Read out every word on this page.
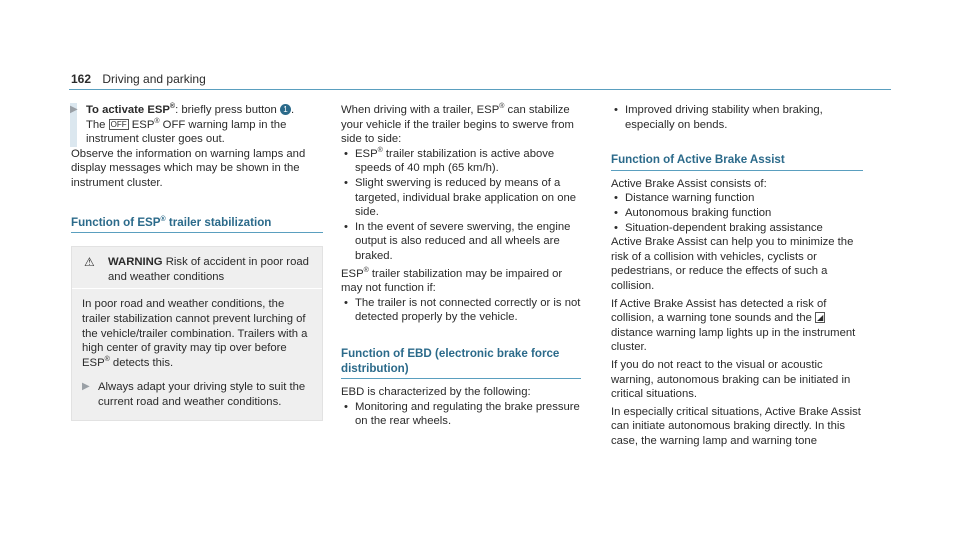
162 Driving and parking
▶ To activate ESP®: briefly press button 1 .

The OFF ESP® OFF warning lamp in the instrument cluster goes out.

Observe the information on warning lamps and display messages which may be shown in the instrument cluster.

Function of ESP® trailer stabilization
⚠	WARNING Risk of accident in poor road and weather conditions

In poor road and weather conditions, the trailer stabilization cannot prevent lurching of the vehicle/trailer combination. Trailers with a high center of gravity may tip over before ESP® detects this.

▶ Always adapt your driving style to suit the current road and weather conditions.

When driving with a trailer, ESP® can stabilize your vehicle if the trailer begins to swerve from side to side:

• ESP® trailer stabilization is active above speeds of 40 mph (65 km/h).
• Slight swerving is reduced by means of a targeted, individual brake application on one side.
• In the event of severe swerving, the engine output is also reduced and all wheels are braked.

ESP® trailer stabilization may be impaired or may not function if:

• The trailer is not connected correctly or is not detected properly by the vehicle.
Function of EBD (electronic brake force distribution)

EBD is characterized by the following:

• Monitoring and regulating the brake pressure on the rear wheels.
• Improved driving stability when braking, especially on bends.
Function of Active Brake Assist

Active Brake Assist consists of:

• Distance warning function
• Autonomous braking function
• Situation-dependent braking assistance

Active Brake Assist can help you to minimize the risk of a collision with vehicles, cyclists or pedestrians, or reduce the effects of such a collision.

If Active Brake Assist has detected a risk of collision, a warning tone sounds and the ◢ distance warning lamp lights up in the instrument cluster.

If you do not react to the visual or acoustic warning, autonomous braking can be initiated in critical situations.

In especially critical situations, Active Brake Assist can initiate autonomous braking directly. In this case, the warning lamp and warning tone
